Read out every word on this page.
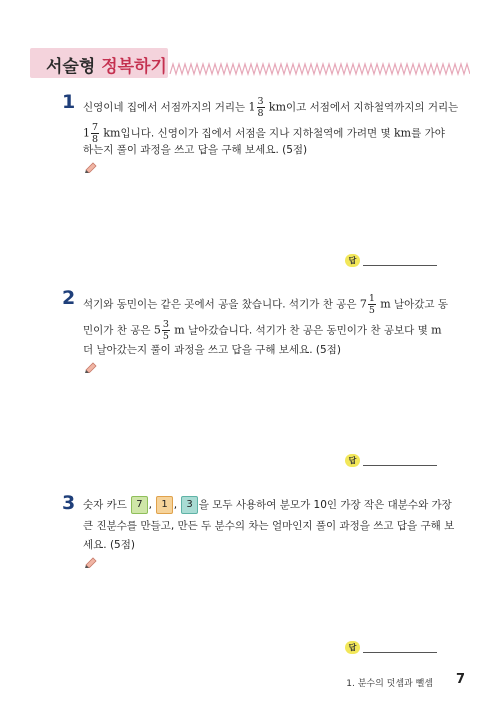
서술형 정복하기
1 신영이네 집에서 서점까지의 거리는 $1 \frac{3}{8}$ km이고 서점에서 지하철역까지의 거리는
$1 \frac{7}{8}$ km입니다. 신영이가 집에서 서점을 지나 지하철역에 가려면 몇 km를 가야
하는지 풀이 과정을 쓰고 답을 구해 보세요. (5점)
답
2 석기와 동민이는 같은 곳에서 공을 찼습니다. 석기가 찬 공은 $7 \frac{1}{5}$ m 날아갔고 동
민이가 찬 공은 $5 \frac{3}{5}$ m 날아갔습니다. 석기가 찬 공은 동민이가 찬 공보다 몇 m
더 날아갔는지 풀이 과정을 쓰고 답을 구해 보세요. (5점)
답
3 숫자 카드 7 , 1 , 3 을 모두 사용하여 분모가 10인 가장 작은 대분수와 가장
큰 진분수를 만들고, 만든 두 분수의 차는 얼마인지 풀이 과정을 쓰고 답을 구해 보
세요. (5점)
답
1. 분수의 덧셈과 뺄셈 7
